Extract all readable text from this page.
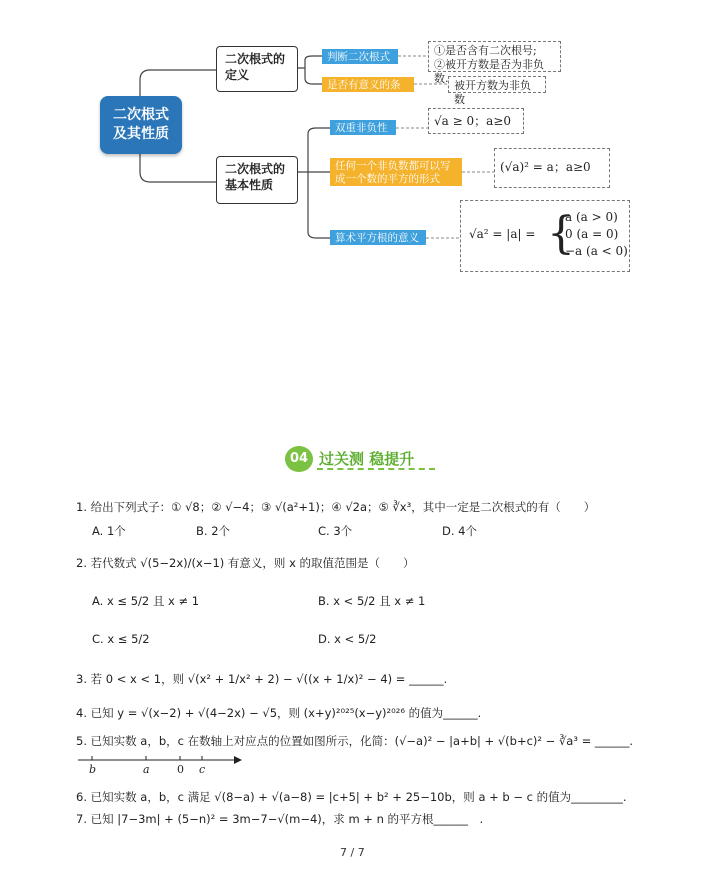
二次根式及其性质
二次根式的定义
二次根式的基本性质
判断二次根式	①是否含有二次根号;
②被开方数是否为非负数.
是否有意义的条件
被开方数为非负数
双重非负性	√a ≥ 0；a≥0
任何一个非负数都可以写成一个数的平方的形式
(√a)² = a；a≥0
算术平方根的意义	√a² = |a| = {
a (a > 0)
0 (a = 0)
−a (a < 0)
04 过关测 稳提升
1. 给出下列式子：① √8；② √−4；③ √(a²+1)；④ √2a；⑤ ∛x³，其中一定是二次根式的有（　　）
A. 1个	B. 2个	C. 3个	D. 4个
2. 若代数式 √(5−2x)/(x−1) 有意义，则 x 的取值范围是（　　）
A. x ≤ 5/2 且 x ≠ 1	B. x < 5/2 且 x ≠ 1
C. x ≤ 5/2	D. x < 5/2
3. 若 0 < x < 1，则 √(x² + 1/x² + 2) − √((x + 1/x)² − 4) = ______.
4. 已知 y = √(x−2) + √(4−2x) − √5，则 (x+y)²⁰²⁵(x−y)²⁰²⁶ 的值为______.
5. 已知实数 a，b，c 在数轴上对应点的位置如图所示，化简：(√−a)² − |a+b| + √(b+c)² − ∛a³ = ______.
b	a 0 c
6. 已知实数 a，b，c 满足 √(8−a) + √(a−8) = |c+5| + b² + 25−10b，则 a + b − c 的值为_________.
7. 已知 |7−3m| + (5−n)² = 3m−7−√(m−4)，求 m + n 的平方根______　.
7 / 7
